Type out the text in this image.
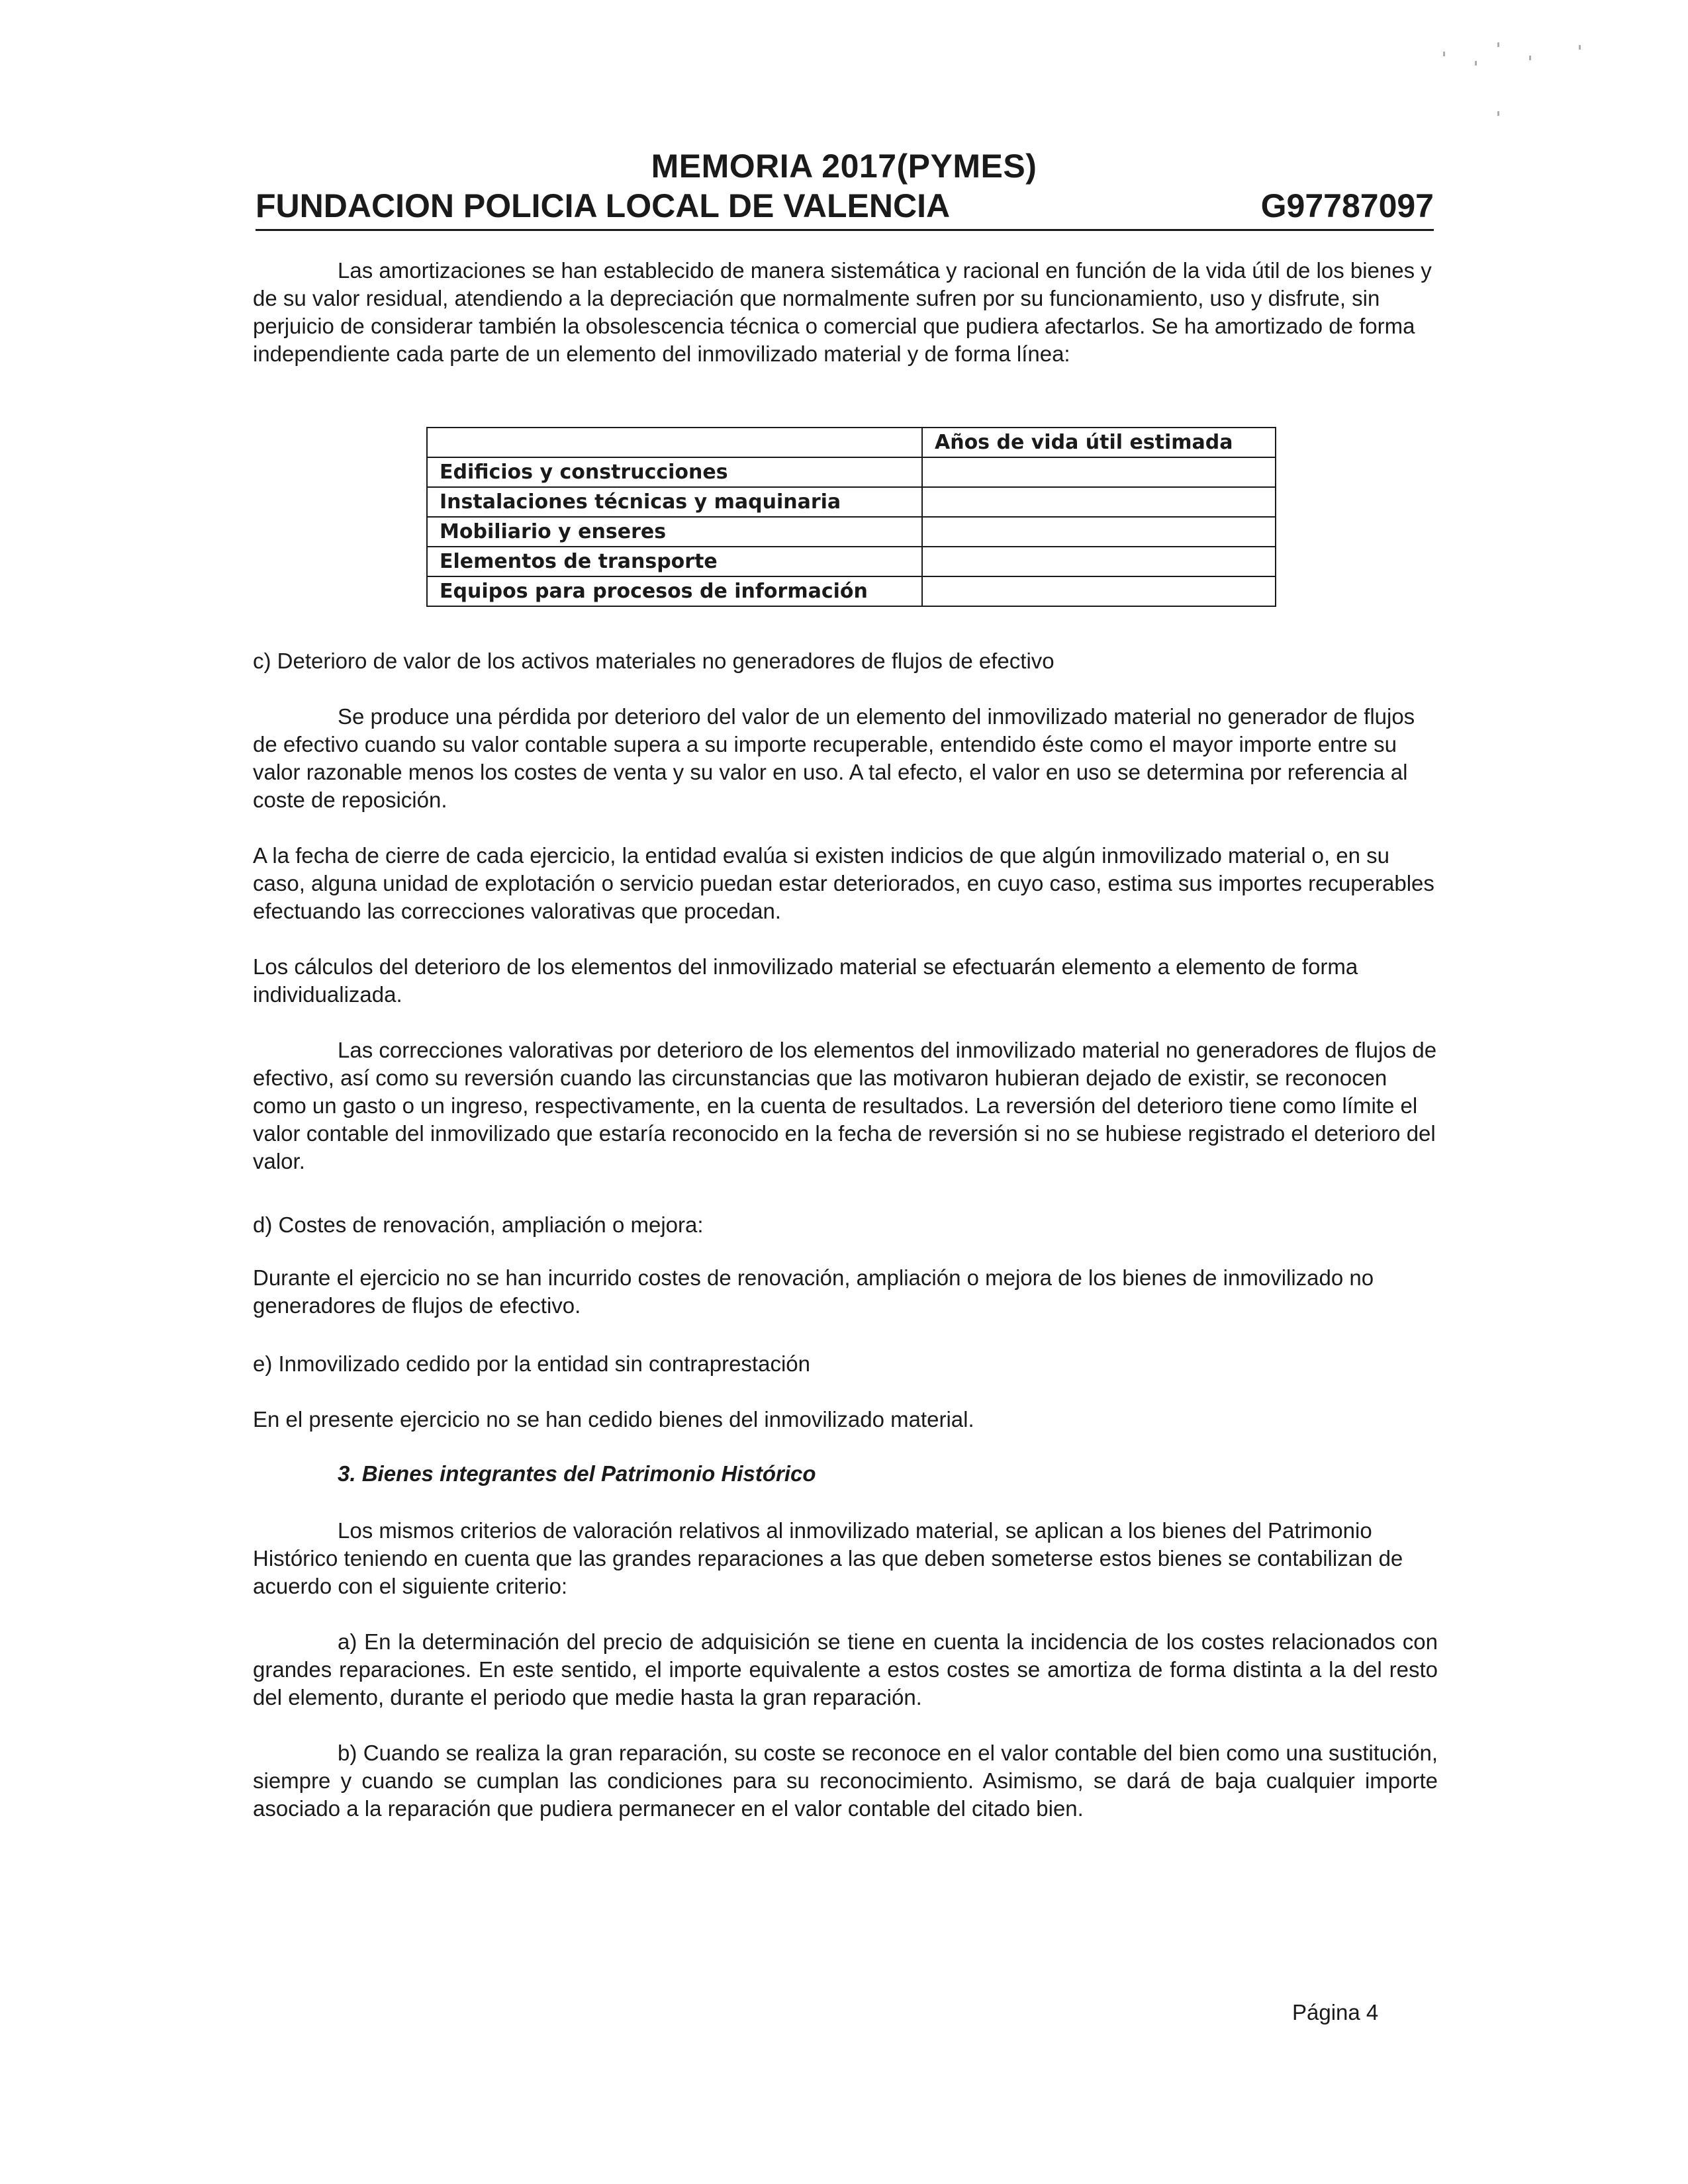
MEMORIA 2017(PYMES)
FUNDACION POLICIA LOCAL DE VALENCIA	G97787097

Las amortizaciones se han establecido de manera sistemática y racional en función de la vida útil de los bienes y de su valor residual, atendiendo a la depreciación que normalmente sufren por su funcionamiento, uso y disfrute, sin perjuicio de considerar también la obsolescencia técnica o comercial que pudiera afectarlos. Se ha amortizado de forma independiente cada parte de un elemento del inmovilizado material y de forma línea:

	Años de vida útil estimada
Edificios y construcciones	
Instalaciones técnicas y maquinaria	
Mobiliario y enseres	
Elementos de transporte	
Equipos para procesos de información	

c) Deterioro de valor de los activos materiales no generadores de flujos de efectivo

Se produce una pérdida por deterioro del valor de un elemento del inmovilizado material no generador de flujos de efectivo cuando su valor contable supera a su importe recuperable, entendido éste como el mayor importe entre su valor razonable menos los costes de venta y su valor en uso. A tal efecto, el valor en uso se determina por referencia al coste de reposición.

A la fecha de cierre de cada ejercicio, la entidad evalúa si existen indicios de que algún inmovilizado material o, en su caso, alguna unidad de explotación o servicio puedan estar deteriorados, en cuyo caso, estima sus importes recuperables efectuando las correcciones valorativas que procedan.

Los cálculos del deterioro de los elementos del inmovilizado material se efectuarán elemento a elemento de forma individualizada.

Las correcciones valorativas por deterioro de los elementos del inmovilizado material no generadores de flujos de efectivo, así como su reversión cuando las circunstancias que las motivaron hubieran dejado de existir, se reconocen como un gasto o un ingreso, respectivamente, en la cuenta de resultados. La reversión del deterioro tiene como límite el valor contable del inmovilizado que estaría reconocido en la fecha de reversión si no se hubiese registrado el deterioro del valor.

d) Costes de renovación, ampliación o mejora:

Durante el ejercicio no se han incurrido costes de renovación, ampliación o mejora de los bienes de inmovilizado no generadores de flujos de efectivo.

e) Inmovilizado cedido por la entidad sin contraprestación

En el presente ejercicio no se han cedido bienes del inmovilizado material.

3. Bienes integrantes del Patrimonio Histórico

Los mismos criterios de valoración relativos al inmovilizado material, se aplican a los bienes del Patrimonio Histórico teniendo en cuenta que las grandes reparaciones a las que deben someterse estos bienes se contabilizan de acuerdo con el siguiente criterio:

a) En la determinación del precio de adquisición se tiene en cuenta la incidencia de los costes relacionados con grandes reparaciones. En este sentido, el importe equivalente a estos costes se amortiza de forma distinta a la del resto del elemento, durante el periodo que medie hasta la gran reparación.

b) Cuando se realiza la gran reparación, su coste se reconoce en el valor contable del bien como una sustitución, siempre y cuando se cumplan las condiciones para su reconocimiento. Asimismo, se dará de baja cualquier importe asociado a la reparación que pudiera permanecer en el valor contable del citado bien.

Página 4
